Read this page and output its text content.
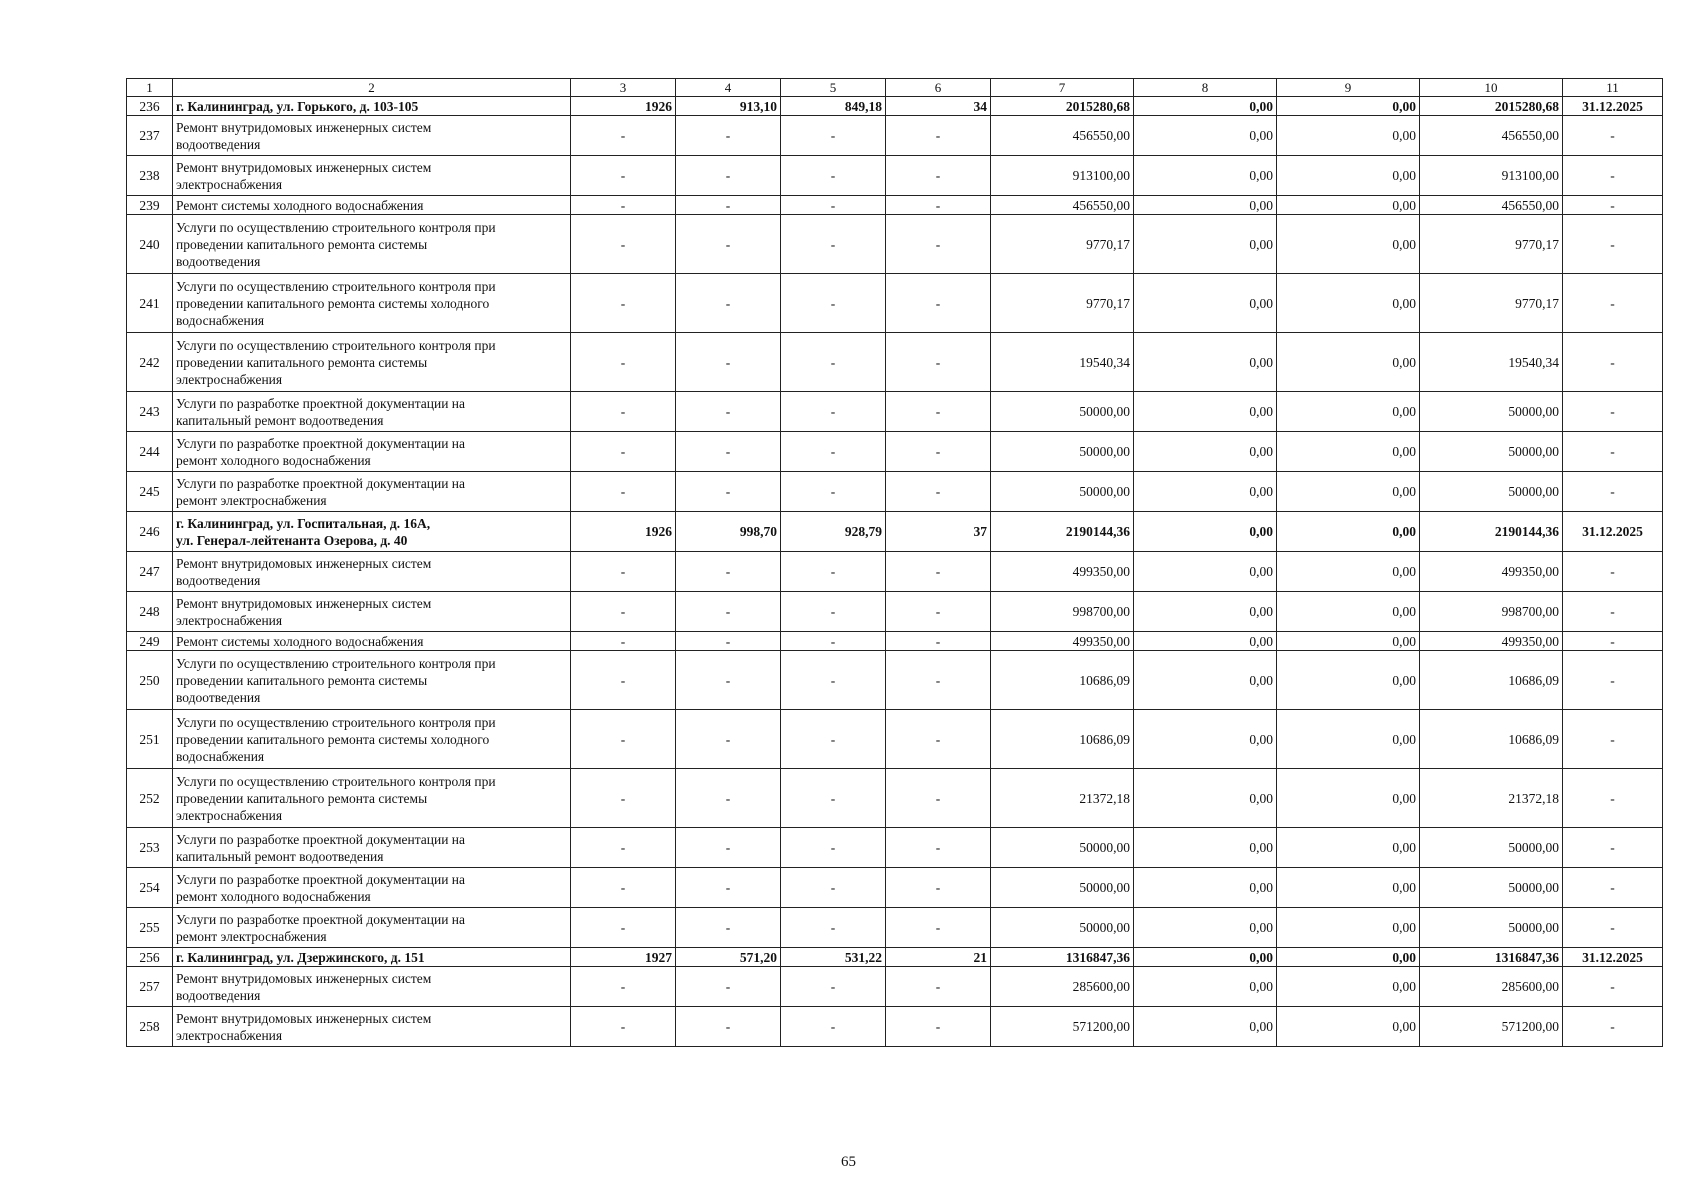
1	2	3	4	5	6	7	8	9	10	11
236	г. Калининград, ул. Горького, д. 103-105	1926	913,10	849,18	34	2015280,68	0,00	0,00	2015280,68	31.12.2025
237	Ремонт внутридомовых инженерных систем
водоотведения	-	-	-	-	456550,00	0,00	0,00	456550,00	-
238	Ремонт внутридомовых инженерных систем
электроснабжения	-	-	-	-	913100,00	0,00	0,00	913100,00	-
239	Ремонт системы холодного водоснабжения	-	-	-	-	456550,00	0,00	0,00	456550,00	-
240	Услуги по осуществлению строительного контроля при
проведении капитального ремонта системы
водоотведения	-	-	-	-	9770,17	0,00	0,00	9770,17	-
241	Услуги по осуществлению строительного контроля при
проведении капитального ремонта системы холодного
водоснабжения	-	-	-	-	9770,17	0,00	0,00	9770,17	-
242	Услуги по осуществлению строительного контроля при
проведении капитального ремонта системы
электроснабжения	-	-	-	-	19540,34	0,00	0,00	19540,34	-
243	Услуги по разработке проектной документации на
капитальный ремонт водоотведения	-	-	-	-	50000,00	0,00	0,00	50000,00	-
244	Услуги по разработке проектной документации на
ремонт холодного водоснабжения	-	-	-	-	50000,00	0,00	0,00	50000,00	-
245	Услуги по разработке проектной документации на
ремонт электроснабжения	-	-	-	-	50000,00	0,00	0,00	50000,00	-
246	г. Калининград, ул. Госпитальная, д. 16А,
ул. Генерал-лейтенанта Озерова, д. 40	1926	998,70	928,79	37	2190144,36	0,00	0,00	2190144,36	31.12.2025
247	Ремонт внутридомовых инженерных систем
водоотведения	-	-	-	-	499350,00	0,00	0,00	499350,00	-
248	Ремонт внутридомовых инженерных систем
электроснабжения	-	-	-	-	998700,00	0,00	0,00	998700,00	-
249	Ремонт системы холодного водоснабжения	-	-	-	-	499350,00	0,00	0,00	499350,00	-
250	Услуги по осуществлению строительного контроля при
проведении капитального ремонта системы
водоотведения	-	-	-	-	10686,09	0,00	0,00	10686,09	-
251	Услуги по осуществлению строительного контроля при
проведении капитального ремонта системы холодного
водоснабжения	-	-	-	-	10686,09	0,00	0,00	10686,09	-
252	Услуги по осуществлению строительного контроля при
проведении капитального ремонта системы
электроснабжения	-	-	-	-	21372,18	0,00	0,00	21372,18	-
253	Услуги по разработке проектной документации на
капитальный ремонт водоотведения	-	-	-	-	50000,00	0,00	0,00	50000,00	-
254	Услуги по разработке проектной документации на
ремонт холодного водоснабжения	-	-	-	-	50000,00	0,00	0,00	50000,00	-
255	Услуги по разработке проектной документации на
ремонт электроснабжения	-	-	-	-	50000,00	0,00	0,00	50000,00	-
256	г. Калининград, ул. Дзержинского, д. 151	1927	571,20	531,22	21	1316847,36	0,00	0,00	1316847,36	31.12.2025
257	Ремонт внутридомовых инженерных систем
водоотведения	-	-	-	-	285600,00	0,00	0,00	285600,00	-
258	Ремонт внутридомовых инженерных систем
электроснабжения	-	-	-	-	571200,00	0,00	0,00	571200,00	-
65
